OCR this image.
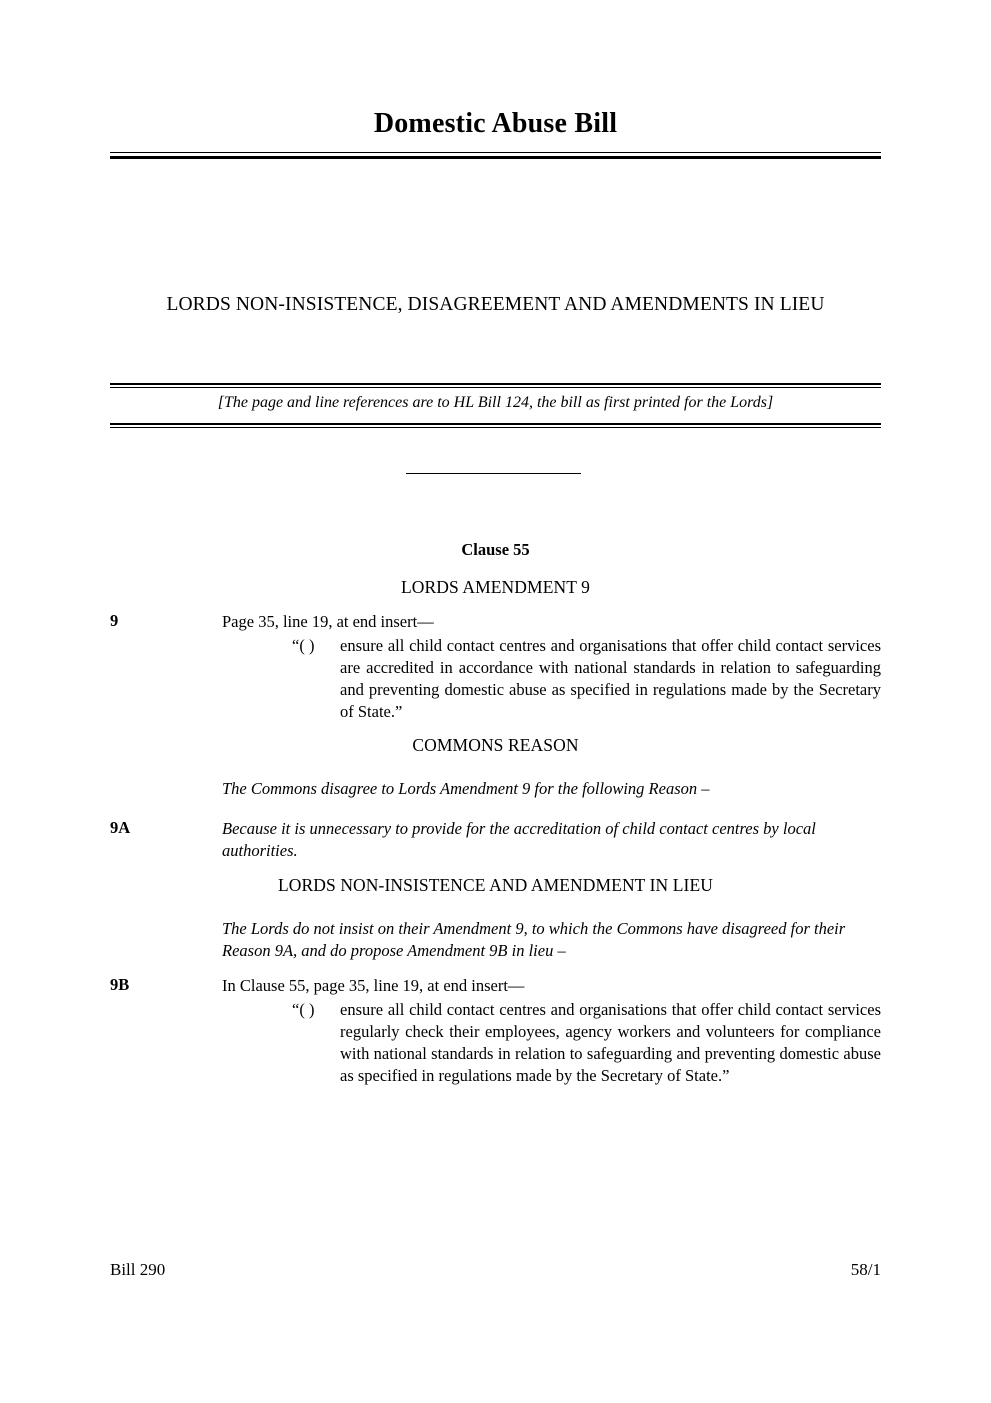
Domestic Abuse Bill
LORDS NON-INSISTENCE, DISAGREEMENT AND AMENDMENTS IN LIEU
[The page and line references are to HL Bill 124, the bill as first printed for the Lords]
Clause 55
LORDS AMENDMENT 9
9	Page 35, line 19, at end insert—
“( )	ensure all child contact centres and organisations that offer child contact services are accredited in accordance with national standards in relation to safeguarding and preventing domestic abuse as specified in regulations made by the Secretary of State.”
COMMONS REASON
The Commons disagree to Lords Amendment 9 for the following Reason –
9A	Because it is unnecessary to provide for the accreditation of child contact centres by local authorities.
LORDS NON-INSISTENCE AND AMENDMENT IN LIEU
The Lords do not insist on their Amendment 9, to which the Commons have disagreed for their Reason 9A, and do propose Amendment 9B in lieu –
9B	In Clause 55, page 35, line 19, at end insert—
“( )	ensure all child contact centres and organisations that offer child contact services regularly check their employees, agency workers and volunteers for compliance with national standards in relation to safeguarding and preventing domestic abuse as specified in regulations made by the Secretary of State.”
Bill 290	58/1
